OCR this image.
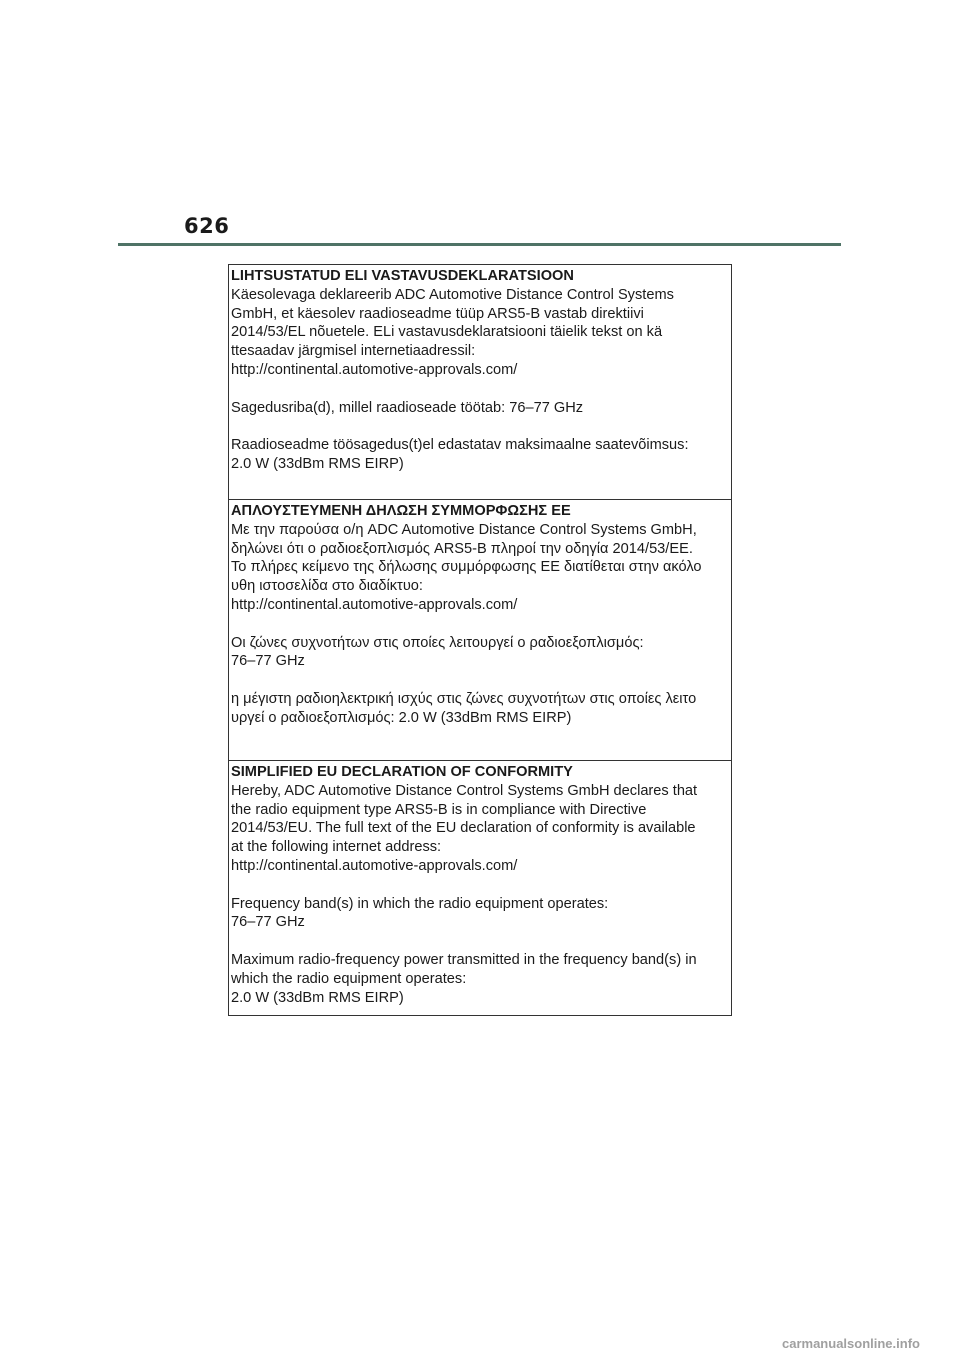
626

LIHTSUSTATUD ELI VASTAVUSDEKLARATSIOON

Käesolevaga deklareerib ADC Automotive Distance Control Systems

GmbH, et käesolev raadioseadme tüüp ARS5-B vastab direktiivi

2014/53/EL nõuetele. ELi vastavusdeklaratsiooni täielik tekst on kä

ttesaadav järgmisel internetiaadressil:

http://continental.automotive-approvals.com/

Sagedusriba(d), millel raadioseade töötab: 76–77 GHz

Raadioseadme töösagedus(t)el edastatav maksimaalne saatevõimsus:

2.0 W (33dBm RMS EIRP)

ΑΠΛΟΥΣΤΕΥΜΕΝΗ ΔΗΛΩΣΗ ΣΥΜΜΟΡΦΩΣΗΣ ΕΕ

Με την παρούσα ο/η ADC Automotive Distance Control Systems GmbH,

δηλώνει ότι ο ραδιοεξοπλισμός ARS5-B πληροί την οδηγία 2014/53/ΕΕ.

Το πλήρες κείμενο της δήλωσης συμμόρφωσης ΕΕ διατίθεται στην ακόλο

υθη ιστοσελίδα στο διαδίκτυο:

http://continental.automotive-approvals.com/

Οι ζώνες συχνοτήτων στις οποίες λειτουργεί ο ραδιοεξοπλισμός:

76–77 GHz

η μέγιστη ραδιοηλεκτρική ισχύς στις ζώνες συχνοτήτων στις οποίες λειτο

υργεί ο ραδιοεξοπλισμός: 2.0 W (33dBm RMS EIRP)

SIMPLIFIED EU DECLARATION OF CONFORMITY

Hereby, ADC Automotive Distance Control Systems GmbH declares that

the radio equipment type ARS5-B is in compliance with Directive

2014/53/EU. The full text of the EU declaration of conformity is available

at the following internet address:

http://continental.automotive-approvals.com/

Frequency band(s) in which the radio equipment operates:

76–77 GHz

Maximum radio-frequency power transmitted in the frequency band(s) in

which the radio equipment operates:

2.0 W (33dBm RMS EIRP)

carmanualsonline.info
